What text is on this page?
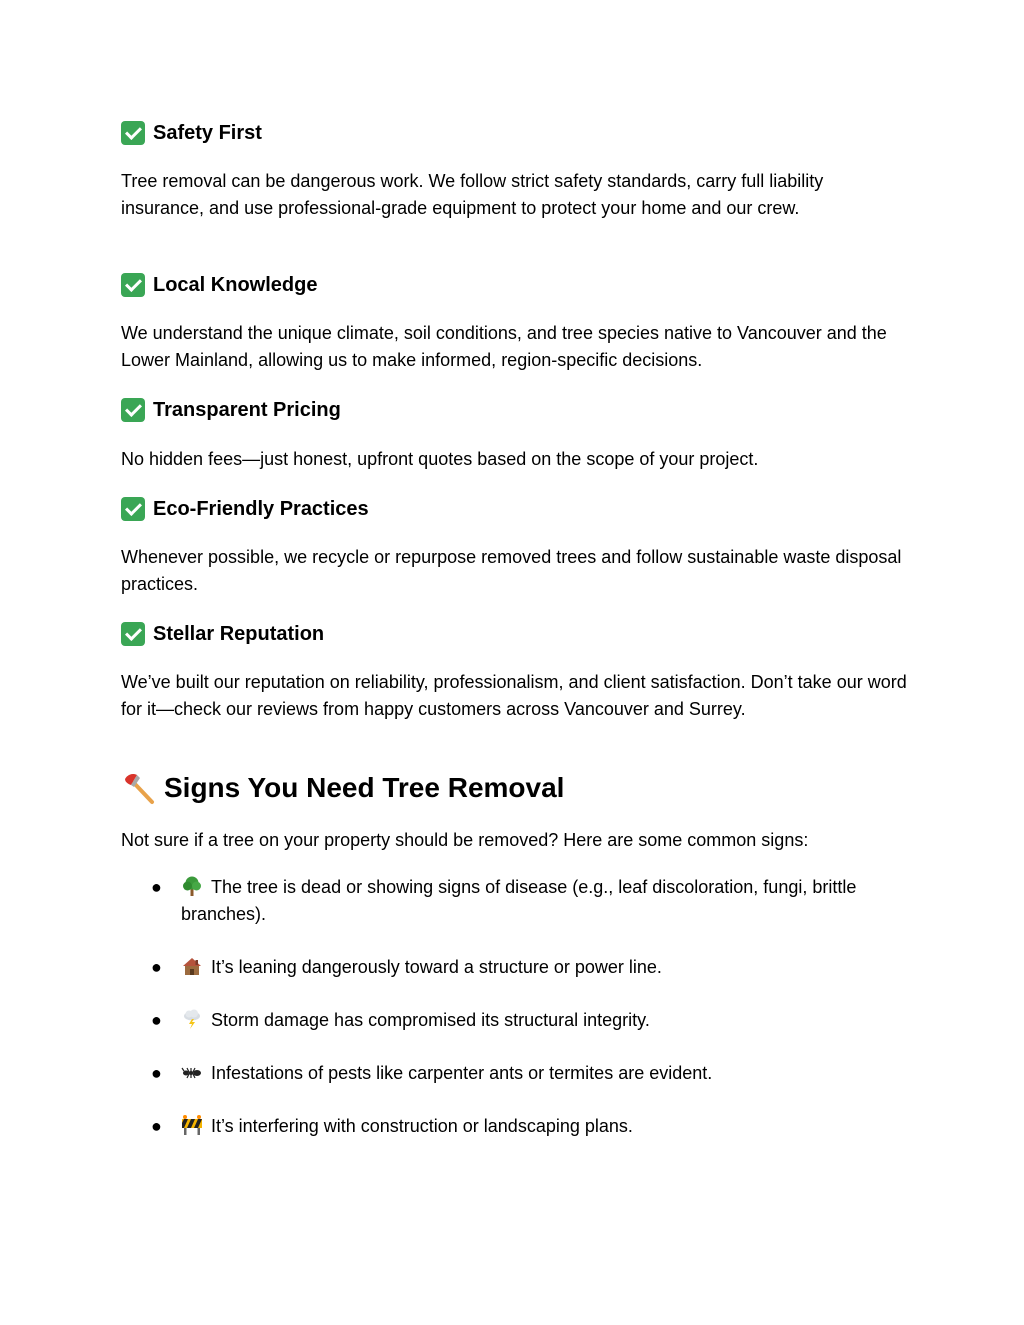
Safety First

Tree removal can be dangerous work. We follow strict safety standards, carry full liability insurance, and use professional-grade equipment to protect your home and our crew.

Local Knowledge

We understand the unique climate, soil conditions, and tree species native to Vancouver and the Lower Mainland, allowing us to make informed, region-specific decisions.

Transparent Pricing

No hidden fees—just honest, upfront quotes based on the scope of your project.

Eco-Friendly Practices

Whenever possible, we recycle or repurpose removed trees and follow sustainable waste disposal practices.

Stellar Reputation

We’ve built our reputation on reliability, professionalism, and client satisfaction. Don’t take our word for it—check our reviews from happy customers across Vancouver and Surrey.

Signs You Need Tree Removal

Not sure if a tree on your property should be removed? Here are some common signs:

●	The tree is dead or showing signs of disease (e.g., leaf discoloration, fungi, brittle branches).
●	It’s leaning dangerously toward a structure or power line.
●	Storm damage has compromised its structural integrity.
●	Infestations of pests like carpenter ants or termites are evident.
●	It’s interfering with construction or landscaping plans.
